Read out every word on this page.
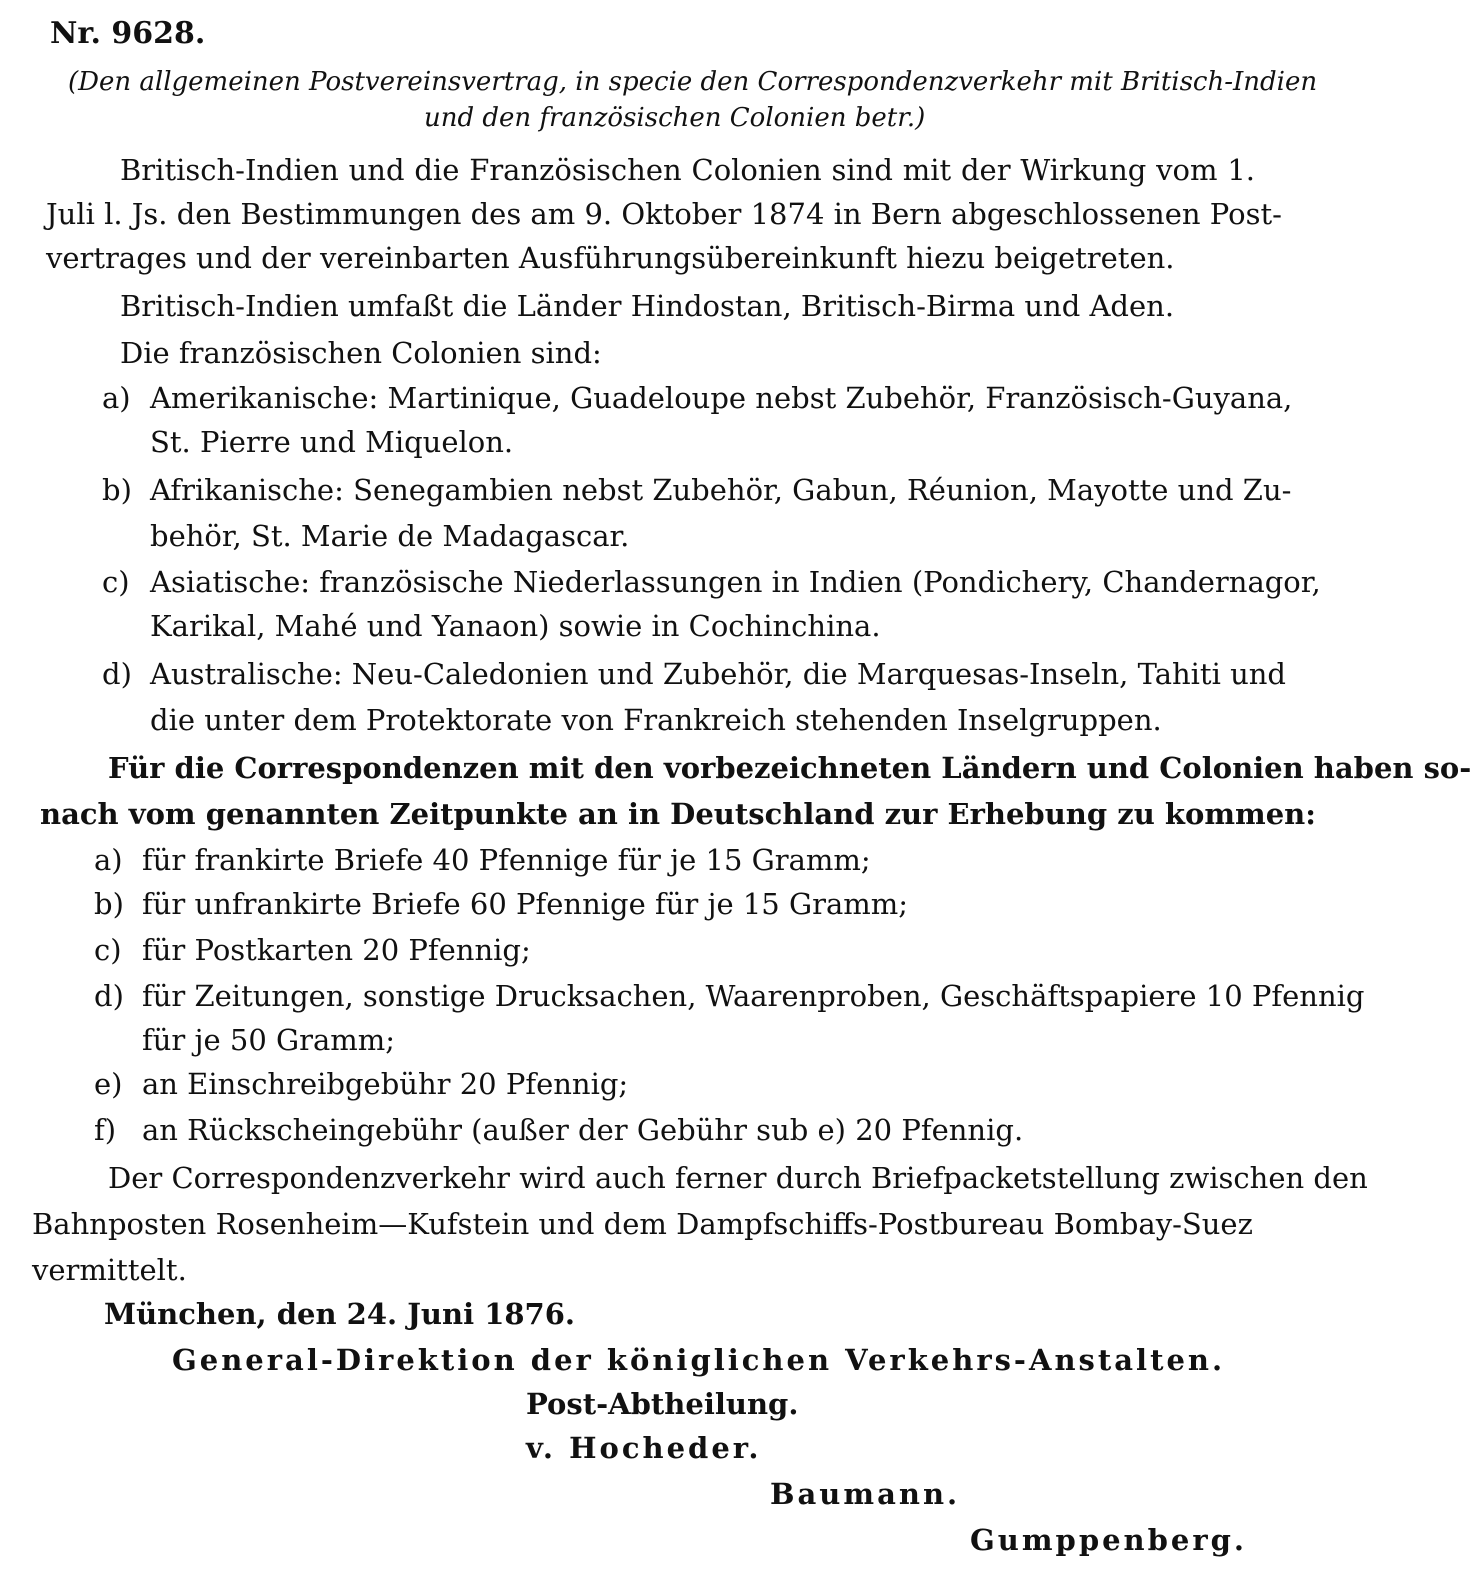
Nr. 9628.
(Den allgemeinen Postvereinsvertrag, in specie den Correspondenzverkehr mit Britisch-Indien
und den französischen Colonien betr.)
Britisch-Indien und die Französischen Colonien sind mit der Wirkung vom 1.
Juli l. Js. den Bestimmungen des am 9. Oktober 1874 in Bern abgeschlossenen Post-
vertrages und der vereinbarten Ausführungsübereinkunft hiezu beigetreten.
Britisch-Indien umfaßt die Länder Hindostan, Britisch-Birma und Aden.
Die französischen Colonien sind:
a) Amerikanische: Martinique, Guadeloupe nebst Zubehör, Französisch-Guyana,
St. Pierre und Miquelon.
b) Afrikanische: Senegambien nebst Zubehör, Gabun, Réunion, Mayotte und Zu-
behör, St. Marie de Madagascar.
c) Asiatische: französische Niederlassungen in Indien (Pondichery, Chandernagor,
Karikal, Mahé und Yanaon) sowie in Cochinchina.
d) Australische: Neu-Caledonien und Zubehör, die Marquesas-Inseln, Tahiti und
die unter dem Protektorate von Frankreich stehenden Inselgruppen.
Für die Correspondenzen mit den vorbezeichneten Ländern und Colonien haben so-
nach vom genannten Zeitpunkte an in Deutschland zur Erhebung zu kommen:
a) für frankirte Briefe 40 Pfennige für je 15 Gramm;
b) für unfrankirte Briefe 60 Pfennige für je 15 Gramm;
c) für Postkarten 20 Pfennig;
d) für Zeitungen, sonstige Drucksachen, Waarenproben, Geschäftspapiere 10 Pfennig
für je 50 Gramm;
e) an Einschreibgebühr 20 Pfennig;
f) an Rückscheingebühr (außer der Gebühr sub e) 20 Pfennig.
Der Correspondenzverkehr wird auch ferner durch Briefpacketstellung zwischen den
Bahnposten Rosenheim—Kufstein und dem Dampfschiffs-Postbureau Bombay-Suez
vermittelt.
München, den 24. Juni 1876.
General-Direktion der königlichen Verkehrs-Anstalten.
Post-Abtheilung.
v. Hocheder.
Baumann.
Gumppenberg.
